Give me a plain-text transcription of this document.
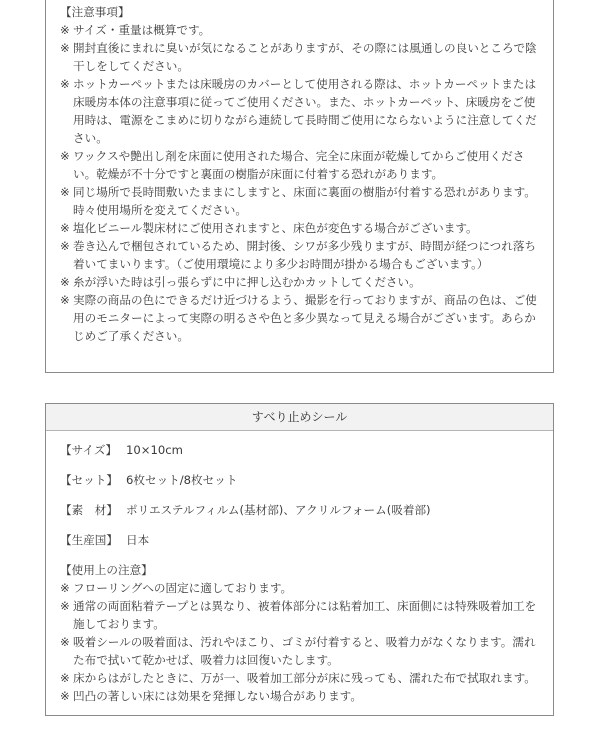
【注意事項】

※ サイズ・重量は概算です。

※ 開封直後にまれに臭いが気になることがありますが、その際には風通しの良いところで陰干しをしてください。

※ ホットカーペットまたは床暖房のカバーとして使用される際は、ホットカーペットまたは床暖房本体の注意事項に従ってご使用ください。また、ホットカーペット、床暖房をご使用時は、電源をこまめに切りながら連続して長時間ご使用にならないように注意してください。

※ ワックスや艶出し剤を床面に使用された場合、完全に床面が乾燥してからご使用ください。乾燥が不十分ですと裏面の樹脂が床面に付着する恐れがあります。

※ 同じ場所で長時間敷いたままにしますと、床面に裏面の樹脂が付着する恐れがあります。時々使用場所を変えてください。

※ 塩化ビニール製床材にご使用されますと、床色が変色する場合がございます。

※ 巻き込んで梱包されているため、開封後、シワが多少残りますが、時間が経つにつれ落ち着いてまいります。（ご使用環境により多少お時間が掛かる場合もございます。）

※ 糸が浮いた時は引っ張らずに中に押し込むかカットしてください。

※ 実際の商品の色にできるだけ近づけるよう、撮影を行っておりますが、商品の色は、ご使用のモニターによって実際の明るさや色と多少異なって見える場合がございます。あらかじめご了承ください。

すべり止めシール
【サイズ】 10×10cm
【セット】 6枚セット/8枚セット
【素　材】 ポリエステルフィルム(基材部)、アクリルフォーム(吸着部)
【生産国】 日本
【使用上の注意】
※ フローリングへの固定に適しております。
※ 通常の両面粘着テープとは異なり、被着体部分には粘着加工、床面側には特殊吸着加工を施しております。
※ 吸着シールの吸着面は、汚れやほこり、ゴミが付着すると、吸着力がなくなります。濡れた布で拭いて乾かせば、吸着力は回復いたします。
※ 床からはがしたときに、万が一、吸着加工部分が床に残っても、濡れた布で拭取れます。
※ 凹凸の著しい床には効果を発揮しない場合があります。
